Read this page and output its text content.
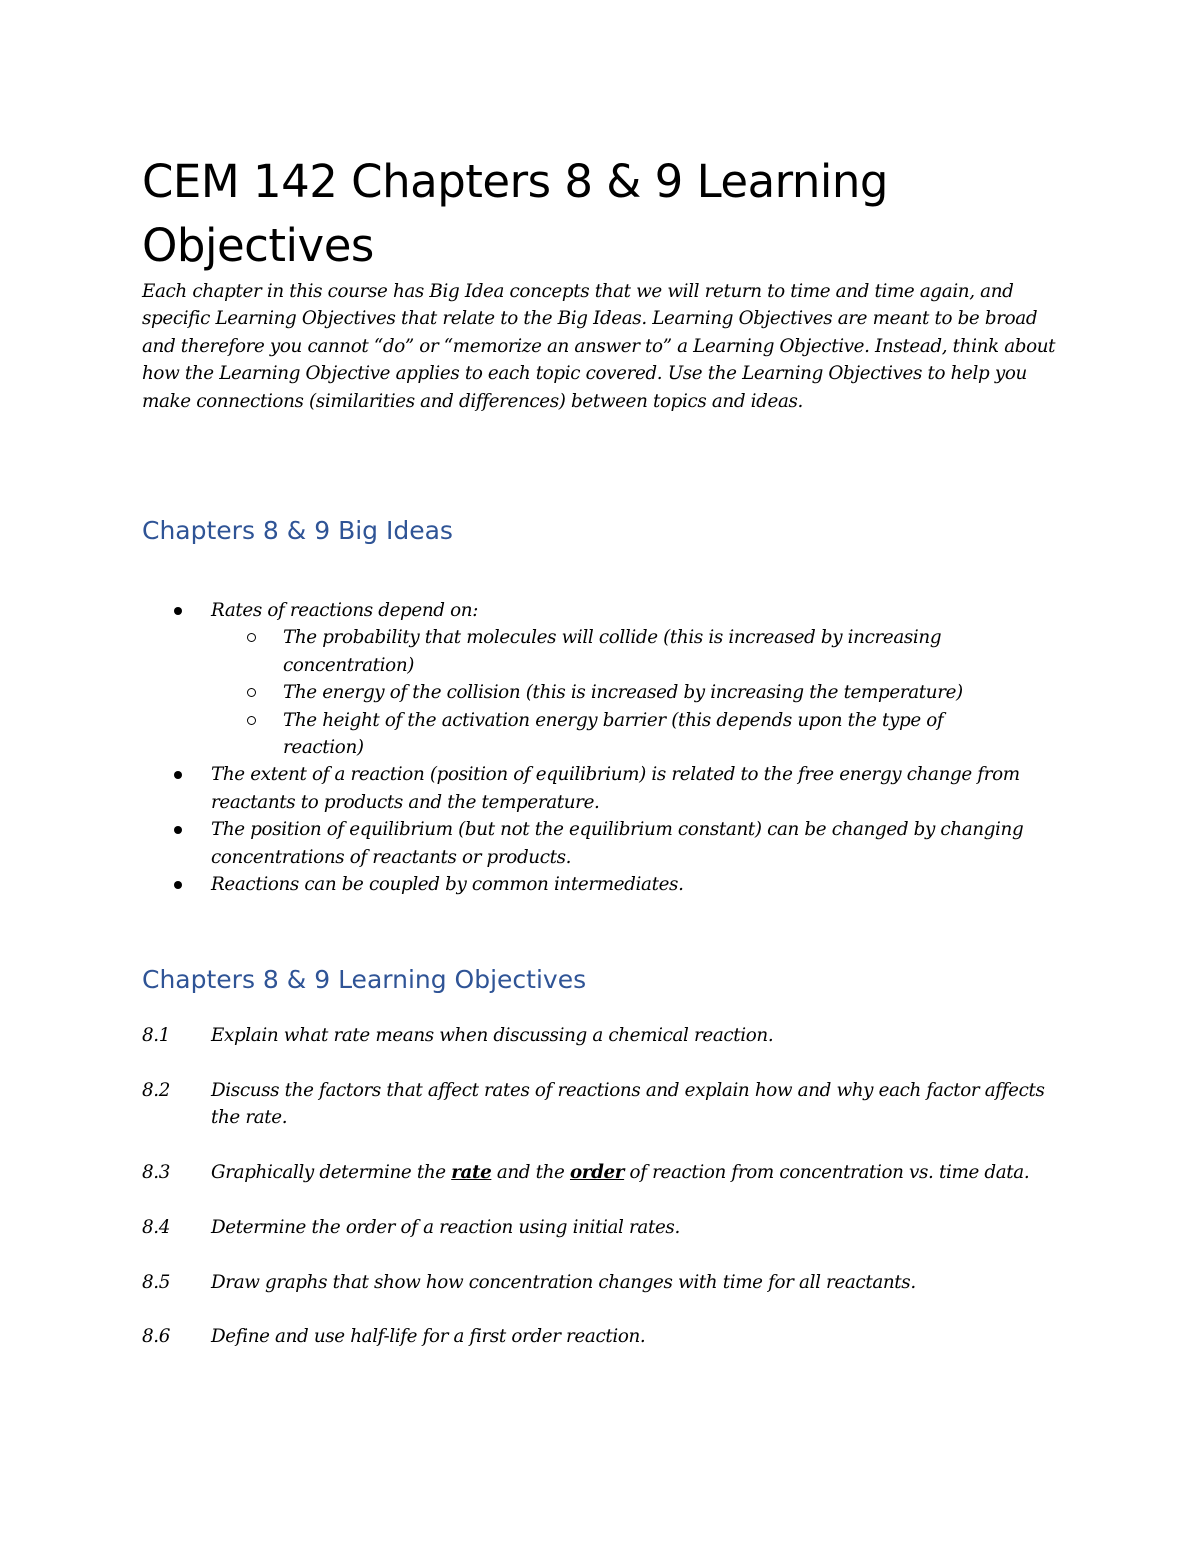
CEM 142 Chapters 8 & 9 Learning Objectives

Each chapter in this course has Big Idea concepts that we will return to time and time again, and specific Learning Objectives that relate to the Big Ideas. Learning Objectives are meant to be broad and therefore you cannot “do” or “memorize an answer to” a Learning Objective. Instead, think about how the Learning Objective applies to each topic covered. Use the Learning Objectives to help you make connections (similarities and differences) between topics and ideas.

Chapters 8 & 9 Big Ideas
Rates of reactions depend on:
The probability that molecules will collide (this is increased by increasing concentration)
The energy of the collision (this is increased by increasing the temperature)
The height of the activation energy barrier (this depends upon the type of reaction)
The extent of a reaction (position of equilibrium) is related to the free energy change from reactants to products and the temperature.
The position of equilibrium (but not the equilibrium constant) can be changed by changing concentrations of reactants or products.
Reactions can be coupled by common intermediates.
Chapters 8 & 9 Learning Objectives
8.1 Explain what rate means when discussing a chemical reaction.
8.2 Discuss the factors that affect rates of reactions and explain how and why each factor affects the rate.
8.3 Graphically determine the rate and the order of reaction from concentration vs. time data.
8.4 Determine the order of a reaction using initial rates.
8.5 Draw graphs that show how concentration changes with time for all reactants.
8.6 Define and use half-life for a first order reaction.
